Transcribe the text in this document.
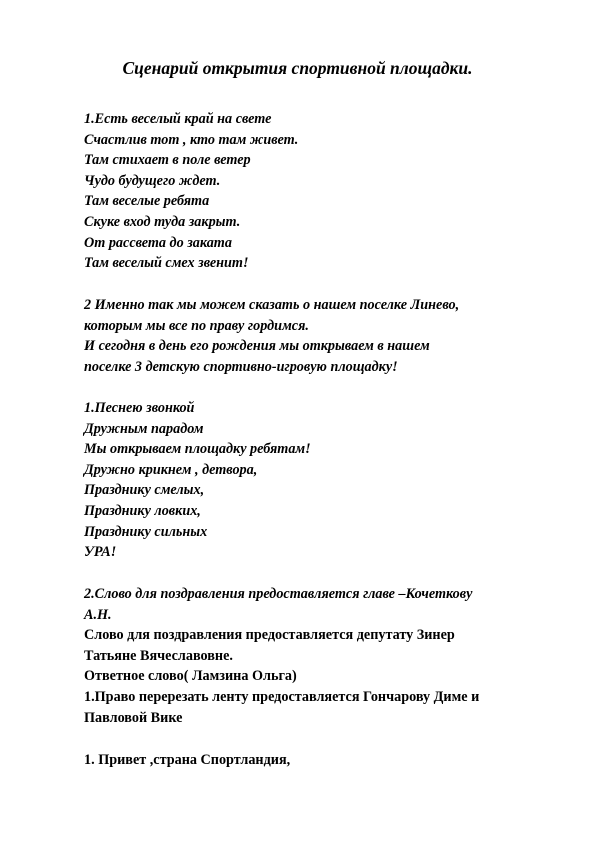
Сценарий открытия спортивной площадки.
1.Есть веселый край на свете
Счастлив тот , кто там живет.
Там стихает в поле ветер
Чудо будущего ждет.
Там веселые ребята
Скуке вход туда закрыт.
От рассвета до заката
Там веселый смех звенит!
2 Именно так мы можем сказать о нашем поселке Линево,
которым мы все по праву гордимся.
И сегодня в день его рождения мы открываем в нашем
поселке 3 детскую спортивно-игровую площадку!
1.Песнею звонкой
Дружным парадом
Мы открываем площадку ребятам!
Дружно крикнем , детвора,
Празднику смелых,
Празднику ловких,
Празднику сильных
УРА!
2.Слово для поздравления предоставляется главе –Кочеткову
А.Н.
Слово для поздравления предоставляется депутату Зинер
Татьяне Вячеславовне.
Ответное слово( Ламзина Ольга)
1.Право перерезать ленту предоставляется Гончарову Диме и
Павловой Вике
1. Привет ,страна Спортландия,
